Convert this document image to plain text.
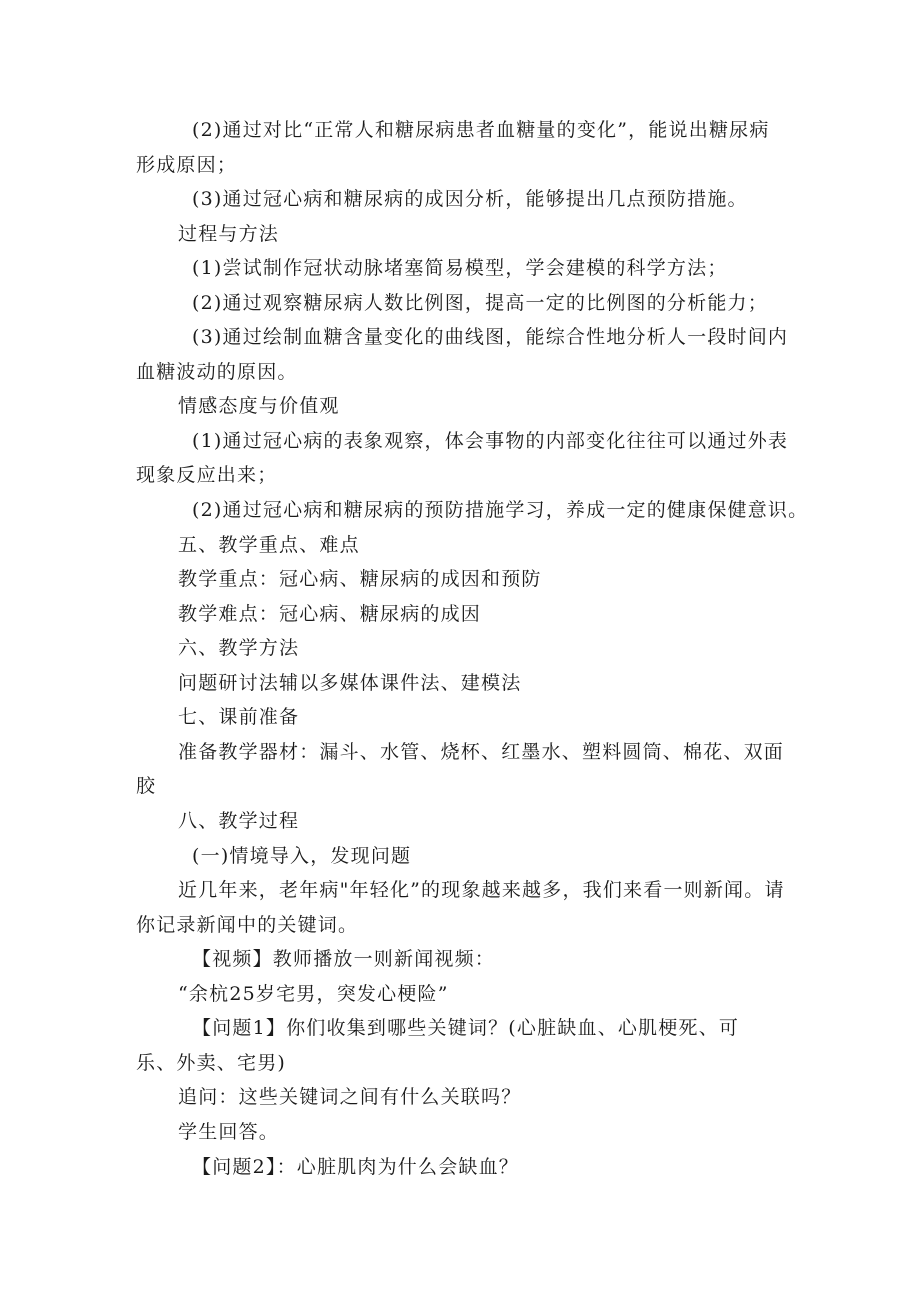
(2)通过对比“正常人和糖尿病患者血糖量的变化”，能说出糖尿病
形成原因；
(3)通过冠心病和糖尿病的成因分析，能够提出几点预防措施。
过程与方法
(1)尝试制作冠状动脉堵塞简易模型，学会建模的科学方法；
(2)通过观察糖尿病人数比例图，提高一定的比例图的分析能力；
(3)通过绘制血糖含量变化的曲线图，能综合性地分析人一段时间内
血糖波动的原因。
情感态度与价值观
(1)通过冠心病的表象观察，体会事物的内部变化往往可以通过外表
现象反应出来；
(2)通过冠心病和糖尿病的预防措施学习，养成一定的健康保健意识。
五、教学重点、难点
教学重点：冠心病、糖尿病的成因和预防
教学难点：冠心病、糖尿病的成因
六、教学方法
问题研讨法辅以多媒体课件法、建模法
七、课前准备
准备教学器材：漏斗、水管、烧杯、红墨水、塑料圆筒、棉花、双面
胶
八、教学过程
(一)情境导入，发现问题
近几年来，老年病"年轻化”的现象越来越多，我们来看一则新闻。请
你记录新闻中的关键词。
【视频】教师播放一则新闻视频：
“余杭25岁宅男，突发心梗险”
【问题1】你们收集到哪些关键词？(心脏缺血、心肌梗死、可
乐、外卖、宅男)
追问：这些关键词之间有什么关联吗？
学生回答。
【问题2】：心脏肌肉为什么会缺血？
